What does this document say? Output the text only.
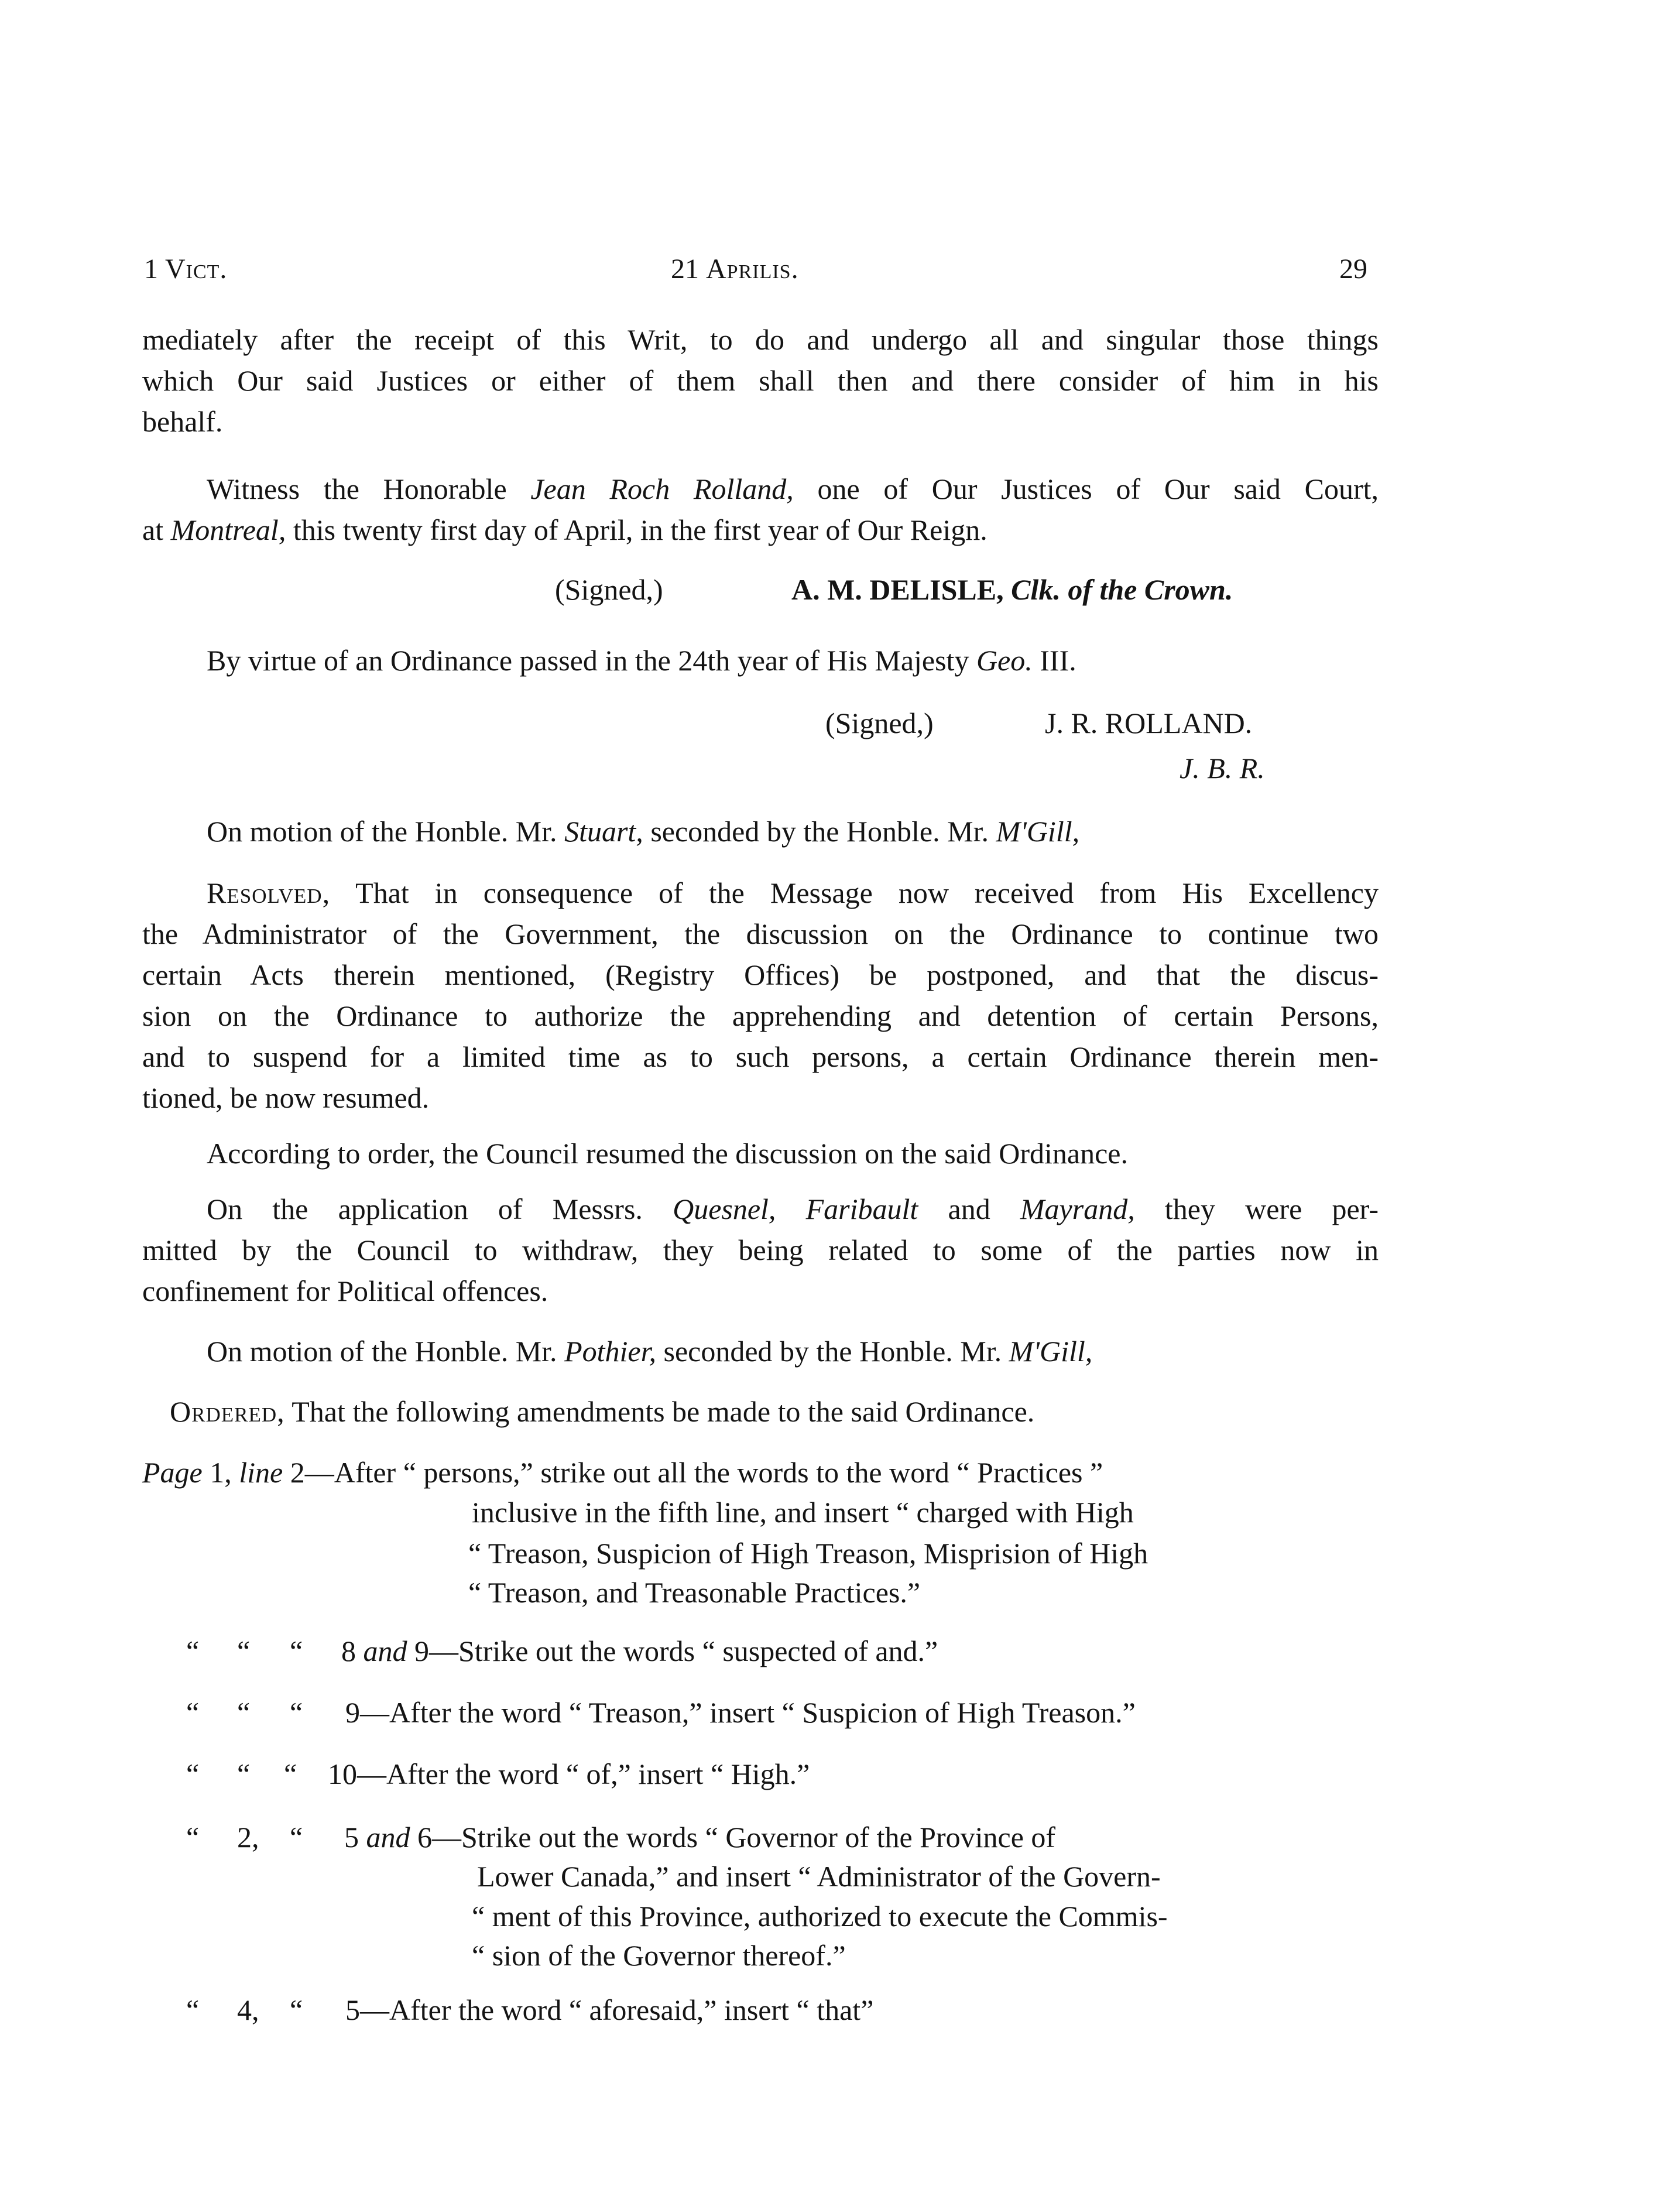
1 Vict.	21 Aprilis.	29
mediately after the receipt of this Writ, to do and undergo all and singular those things
which Our said Justices or either of them shall then and there consider of him in his
behalf.
Witness the Honorable Jean Roch Rolland, one of Our Justices of Our said Court,
at Montreal, this twenty first day of April, in the first year of Our Reign.
(Signed,)	A. M. DELISLE, Clk. of the Crown.
By virtue of an Ordinance passed in the 24th year of His Majesty Geo. III.
(Signed,)	J. R. ROLLAND.
J. B. R.
On motion of the Honble. Mr. Stuart, seconded by the Honble. Mr. M'Gill,
Resolved, That in consequence of the Message now received from His Excellency
the Administrator of the Government, the discussion on the Ordinance to continue two
certain Acts therein mentioned, (Registry Offices) be postponed, and that the discus-
sion on the Ordinance to authorize the apprehending and detention of certain Persons,
and to suspend for a limited time as to such persons, a certain Ordinance therein men-
tioned, be now resumed.
According to order, the Council resumed the discussion on the said Ordinance.
On the application of Messrs. Quesnel, Faribault and Mayrand, they were per-
mitted by the Council to withdraw, they being related to some of the parties now in
confinement for Political offences.
On motion of the Honble. Mr. Pothier, seconded by the Honble. Mr. M'Gill,
Ordered, That the following amendments be made to the said Ordinance.
Page 1, line 2—After “ persons,” strike out all the words to the word “ Practices ”
inclusive in the fifth line, and insert “ charged with High
“ Treason, Suspicion of High Treason, Misprision of High
“ Treason, and Treasonable Practices.”
“ “ “ 8 and 9—Strike out the words “ suspected of and.”
“ “ “ 9—After the word “ Treason,” insert “ Suspicion of High Treason.”
“ “ “ 10—After the word “ of,” insert “ High.”
“ 2, “ 5 and 6—Strike out the words “ Governor of the Province of
Lower Canada,” and insert “ Administrator of the Govern-
“ ment of this Province, authorized to execute the Commis-
“ sion of the Governor thereof.”
“ 4, “ 5—After the word “ aforesaid,” insert “ that”
